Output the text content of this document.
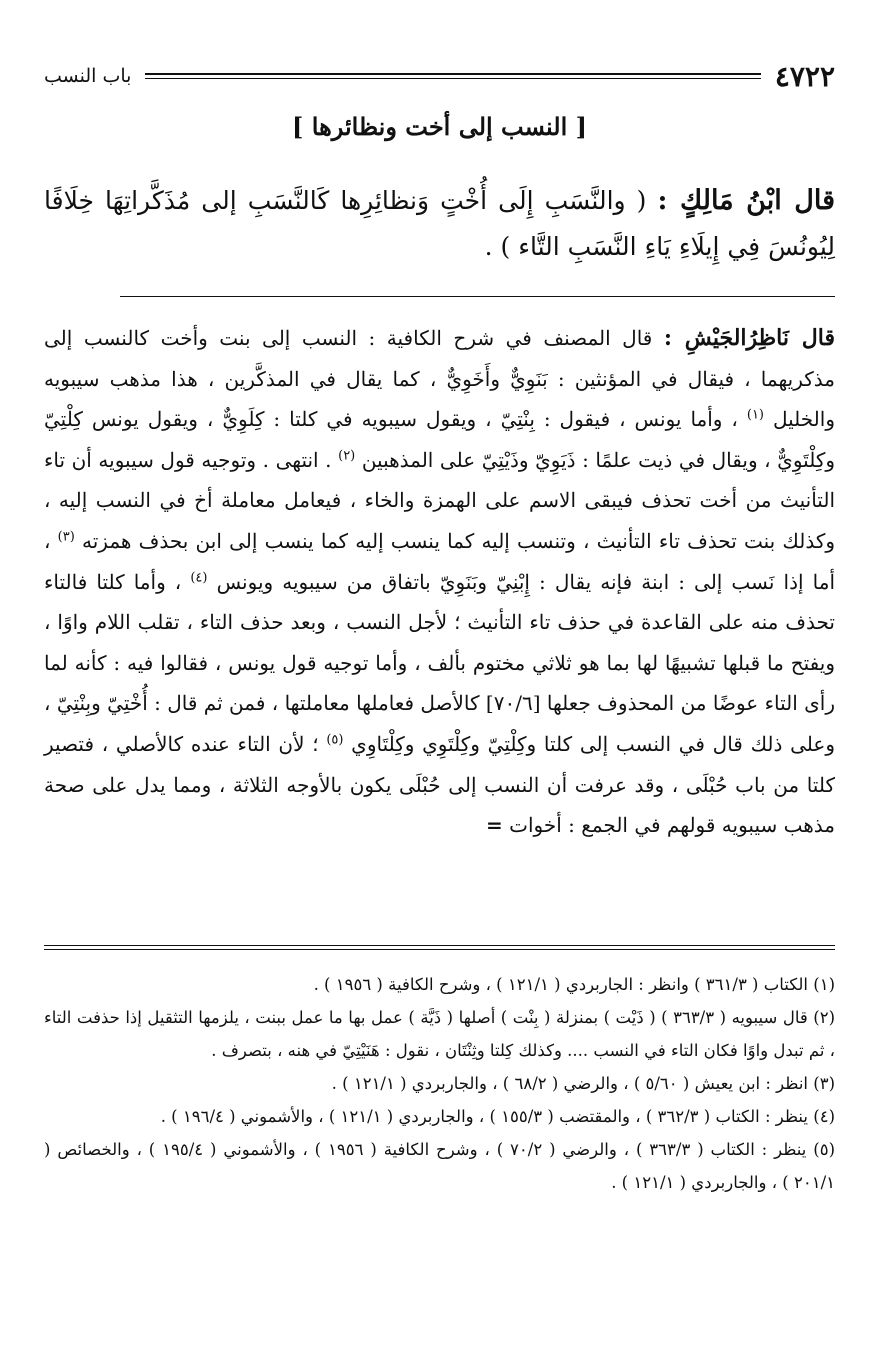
٤٧٢٢
باب النسب
[ النسب إلى أخت ونظائرها ]
قال ابْنُ مَالِكٍ : ( والنَّسَبِ إِلَى أُخْتٍ وَنظائِرِها كَالنَّسَبِ إلى مُذَكَّراتِهَا خِلَافًا لِيُونُسَ فِي إِيلَاءِ يَاءِ النَّسَبِ التَّاء ) .
قال نَاظِرُالجَيْشِ : قال المصنف في شرح الكافية : النسب إلى بنت وأخت كالنسب إلى مذكريهما ، فيقال في المؤنثين : بَنَوِيٌّ وأَخَوِيٌّ ، كما يقال في المذكَّرين ، هذا مذهب سيبويه والخليل $^{(١)}$ ، وأما يونس ، فيقول : بِنْتِيّ ، ويقول سيبويه في كلتا : كِلَوِيٌّ ، ويقول يونس كِلْتِيّ وكِلْتَوِيٌّ ، ويقال في ذيت علمًا : ذَيَوِيّ وذَيْتِيّ على المذهبين $^{(٢)}$ . انتهى . وتوجيه قول سيبويه أن تاء التأنيث من أخت تحذف فيبقى الاسم على الهمزة والخاء ، فيعامل معاملة أخ في النسب إليه ، وكذلك بنت تحذف تاء التأنيث ، وتنسب إليه كما ينسب إليه كما ينسب إلى ابن بحذف همزته $^{(٣)}$ ، أما إذا نَسب إلى : ابنة فإنه يقال : إِبْنِيّ وبَنَوِيّ باتفاق من سيبويه ويونس $^{(٤)}$ ، وأما كلتا فالتاء تحذف منه على القاعدة في حذف تاء التأنيث ؛ لأجل النسب ، وبعد حذف التاء ، تقلب اللام واوًا ، ويفتح ما قبلها تشبيهًا لها بما هو ثلاثي مختوم بألف ، وأما توجيه قول يونس ، فقالوا فيه : كأنه لما رأى التاء عوضًا من المحذوف جعلها [٧٠/٦] كالأصل فعاملها معاملتها ، فمن ثم قال : أُخْتِيّ وبِنْتِيّ ، وعلى ذلك قال في النسب إلى كلتا وكِلْتِيّ وكِلْتَوِي وكِلْتَاوِي $^{(٥)}$ ؛ لأن التاء عنده كالأصلي ، فتصير كلتا من باب حُبْلَى ، وقد عرفت أن النسب إلى حُبْلَى يكون بالأوجه الثلاثة ، ومما يدل على صحة مذهب سيبويه قولهم في الجمع : أخوات =

(١) الكتاب ( ٣٦١/٣ ) وانظر : الجاربردي ( ١٢١/١ ) ، وشرح الكافية ( ١٩٥٦ ) .

(٢) قال سيبويه ( ٣٦٣/٣ ) ( ذَيْت ) بمنزلة ( بِنْت ) أصلها ( ذَيَّة ) عمل بها ما عمل ببنت ، يلزمها التثقيل إذا حذفت التاء ، ثم تبدل واوًا فكان التاء في النسب .... وكذلك كِلتا وثِنْتَان ، نقول : هَنَيْتِيّ في هنه ، بتصرف .

(٣) انظر : ابن يعيش ( ٥/٦٠ ) ، والرضي ( ٦٨/٢ ) ، والجاربردي ( ١٢١/١ ) .

(٤) ينظر : الكتاب ( ٣٦٢/٣ ) ، والمقتضب ( ١٥٥/٣ ) ، والجاربردي ( ١٢١/١ ) ، والأشموني ( ١٩٦/٤ ) .

(٥) ينظر : الكتاب ( ٣٦٣/٣ ) ، والرضي ( ٧٠/٢ ) ، وشرح الكافية ( ١٩٥٦ ) ، والأشموني ( ١٩٥/٤ ) ، والخصائص ( ٢٠١/١ ) ، والجاربردي ( ١٢١/١ ) .
